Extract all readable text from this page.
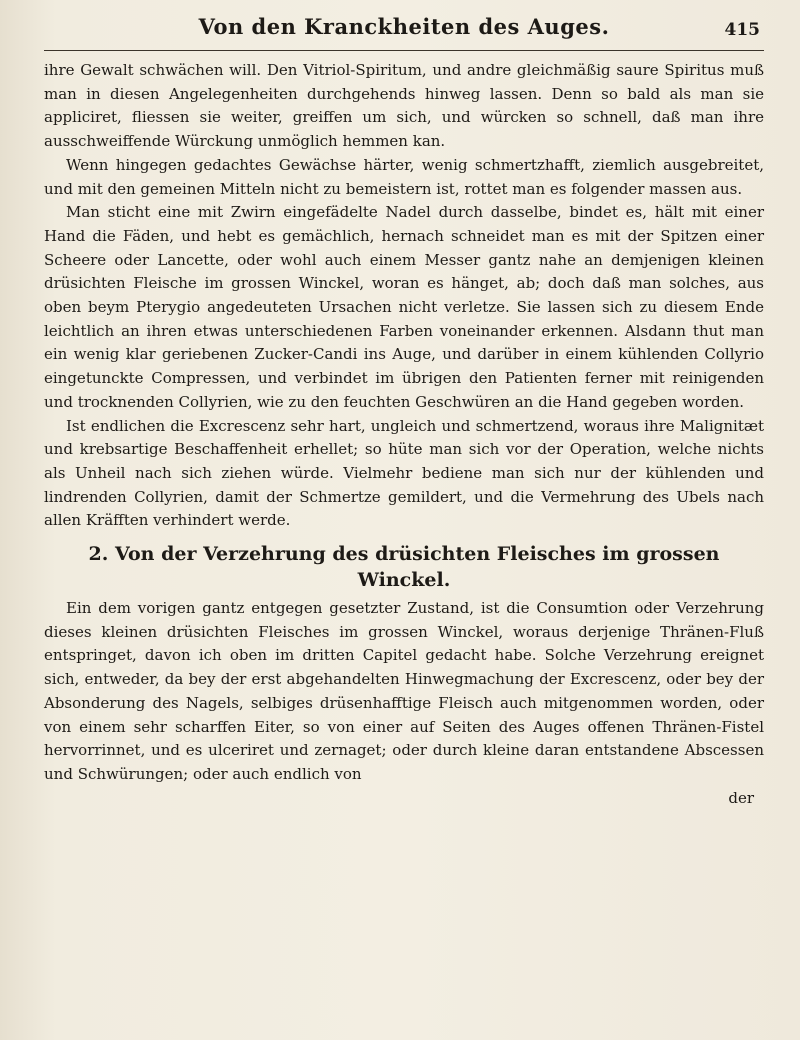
Von den Kranckheiten des Auges.	415

ihre Gewalt schwächen will. Den Vitriol-Spiritum, und andre gleichmäßig saure Spiritus muß man in diesen Angelegenheiten durchgehends hinweg lassen. Denn so bald als man sie appliciret, fliessen sie weiter, greiffen um sich, und würcken so schnell, daß man ihre ausschweiffende Würckung unmöglich hemmen kan.

Wenn hingegen gedachtes Gewächse härter, wenig schmertzhafft, ziemlich ausgebreitet, und mit den gemeinen Mitteln nicht zu bemeistern ist, rottet man es folgender massen aus.

Man sticht eine mit Zwirn eingefädelte Nadel durch dasselbe, bindet es, hält mit einer Hand die Fäden, und hebt es gemächlich, hernach schneidet man es mit der Spitzen einer Scheere oder Lancette, oder wohl auch einem Messer gantz nahe an demjenigen kleinen drüsichten Fleische im grossen Winckel, woran es hänget, ab; doch daß man solches, aus oben beym Pterygio angedeuteten Ursachen nicht verletze. Sie lassen sich zu diesem Ende leichtlich an ihren etwas unterschiedenen Farben voneinander erkennen. Alsdann thut man ein wenig klar geriebenen Zucker-Candi ins Auge, und darüber in einem kühlenden Collyrio eingetunckte Compressen, und verbindet im übrigen den Patienten ferner mit reinigenden und trocknenden Collyrien, wie zu den feuchten Geschwüren an die Hand gegeben worden.

Ist endlichen die Excrescenz sehr hart, ungleich und schmertzend, woraus ihre Malignitæt und krebsartige Beschaffenheit erhellet; so hüte man sich vor der Operation, welche nichts als Unheil nach sich ziehen würde. Vielmehr bediene man sich nur der kühlenden und lindrenden Collyrien, damit der Schmertze gemildert, und die Vermehrung des Ubels nach allen Kräfften verhindert werde.

2. Von der Verzehrung des drüsichten Fleisches im grossen Winckel.

Ein dem vorigen gantz entgegen gesetzter Zustand, ist die Consumtion oder Verzehrung dieses kleinen drüsichten Fleisches im grossen Winckel, woraus derjenige Thränen-Fluß entspringet, davon ich oben im dritten Capitel gedacht habe. Solche Verzehrung ereignet sich, entweder, da bey der erst abgehandelten Hinwegmachung der Excrescenz, oder bey der Absonderung des Nagels, selbiges drüsenhafftige Fleisch auch mitgenommen worden, oder von einem sehr scharffen Eiter, so von einer auf Seiten des Auges offenen Thränen-Fistel hervorrinnet, und es ulceriret und zernaget; oder durch kleine daran entstandene Abscessen und Schwürungen; oder auch endlich von

der
